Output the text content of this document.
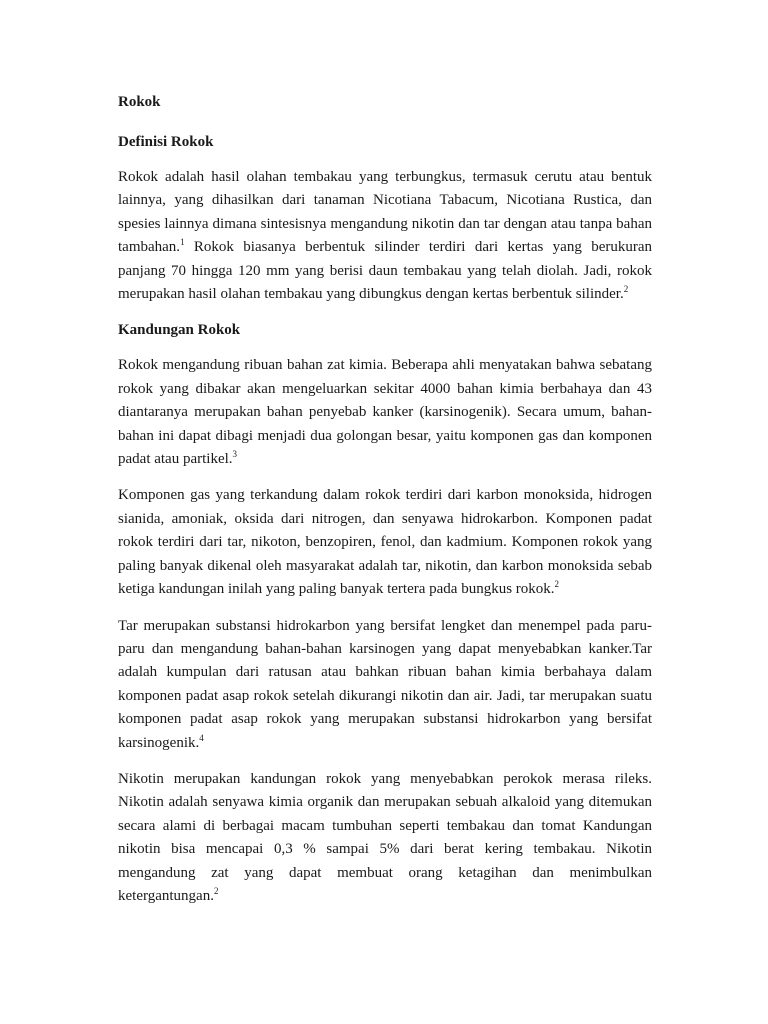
Rokok
Definisi Rokok

Rokok adalah hasil olahan tembakau yang terbungkus, termasuk cerutu atau bentuk lainnya, yang dihasilkan dari tanaman Nicotiana Tabacum, Nicotiana Rustica, dan spesies lainnya dimana sintesisnya mengandung nikotin dan tar dengan atau tanpa bahan tambahan.$^1$ Rokok biasanya berbentuk silinder terdiri dari kertas yang berukuran panjang 70 hingga 120 mm yang berisi daun tembakau yang telah diolah. Jadi, rokok merupakan hasil olahan tembakau yang dibungkus dengan kertas berbentuk silinder.$^2$

Kandungan Rokok

Rokok mengandung ribuan bahan zat kimia. Beberapa ahli menyatakan bahwa sebatang rokok yang dibakar akan mengeluarkan sekitar 4000 bahan kimia berbahaya dan 43 diantaranya merupakan bahan penyebab kanker (karsinogenik). Secara umum, bahan-bahan ini dapat dibagi menjadi dua golongan besar, yaitu komponen gas dan komponen padat atau partikel.$^3$

Komponen gas yang terkandung dalam rokok terdiri dari karbon monoksida, hidrogen sianida, amoniak, oksida dari nitrogen, dan senyawa hidrokarbon. Komponen padat rokok terdiri dari tar, nikoton, benzopiren, fenol, dan kadmium. Komponen rokok yang paling banyak dikenal oleh masyarakat adalah tar, nikotin, dan karbon monoksida sebab ketiga kandungan inilah yang paling banyak tertera pada bungkus rokok.$^2$

Tar merupakan substansi hidrokarbon yang bersifat lengket dan menempel pada paru-paru dan mengandung bahan-bahan karsinogen yang dapat menyebabkan kanker.Tar adalah kumpulan dari ratusan atau bahkan ribuan bahan kimia berbahaya dalam komponen padat asap rokok setelah dikurangi nikotin dan air. Jadi, tar merupakan suatu komponen padat asap rokok yang merupakan substansi hidrokarbon yang bersifat karsinogenik.$^4$

Nikotin merupakan kandungan rokok yang menyebabkan perokok merasa rileks. Nikotin adalah senyawa kimia organik dan merupakan sebuah alkaloid yang ditemukan secara alami di berbagai macam tumbuhan seperti tembakau dan tomat Kandungan nikotin bisa mencapai 0,3 % sampai 5% dari berat kering tembakau. Nikotin mengandung zat yang dapat membuat orang ketagihan dan menimbulkan ketergantungan.$^2$
